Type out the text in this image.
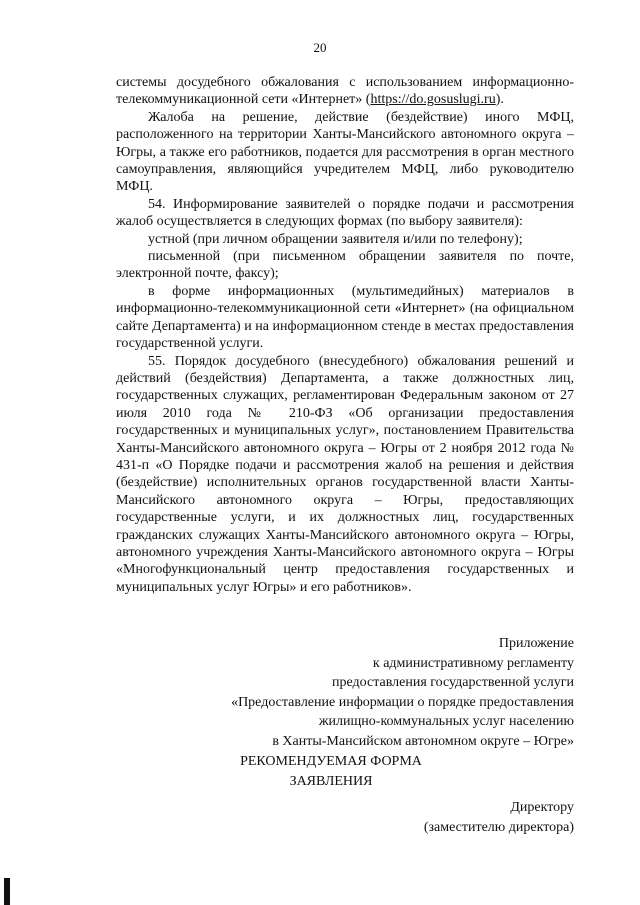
20

системы досудебного обжалования с использованием информационно-телекоммуникационной сети «Интернет» (https://do.gosuslugi.ru).

Жалоба на решение, действие (бездействие) иного МФЦ, расположенного на территории Ханты-Мансийского автономного округа – Югры, а также его работников, подается для рассмотрения в орган местного самоуправления, являющийся учредителем МФЦ, либо руководителю МФЦ.

54. Информирование заявителей о порядке подачи и рассмотрения жалоб осуществляется в следующих формах (по выбору заявителя):

устной (при личном обращении заявителя и/или по телефону);

письменной (при письменном обращении заявителя по почте, электронной почте, факсу);

в форме информационных (мультимедийных) материалов в информационно-телекоммуникационной сети «Интернет» (на официальном сайте Департамента) и на информационном стенде в местах предоставления государственной услуги.

55. Порядок досудебного (внесудебного) обжалования решений и действий (бездействия) Департамента, а также должностных лиц, государственных служащих, регламентирован Федеральным законом от 27 июля 2010 года № 210-ФЗ «Об организации предоставления государственных и муниципальных услуг», постановлением Правительства Ханты-Мансийского автономного округа – Югры от 2 ноября 2012 года № 431-п «О Порядке подачи и рассмотрения жалоб на решения и действия (бездействие) исполнительных органов государственной власти Ханты-Мансийского автономного округа – Югры, предоставляющих государственные услуги, и их должностных лиц, государственных гражданских служащих Ханты-Мансийского автономного округа – Югры, автономного учреждения Ханты-Мансийского автономного округа – Югры «Многофункциональный центр предоставления государственных и муниципальных услуг Югры» и его работников».

Приложение
к административному регламенту
предоставления государственной услуги
«Предоставление информации о порядке предоставления
жилищно-коммунальных услуг населению
в Ханты-Мансийском автономном округе – Югре»
РЕКОМЕНДУЕМАЯ ФОРМА
ЗАЯВЛЕНИЯ
Директору
(заместителю директора)
